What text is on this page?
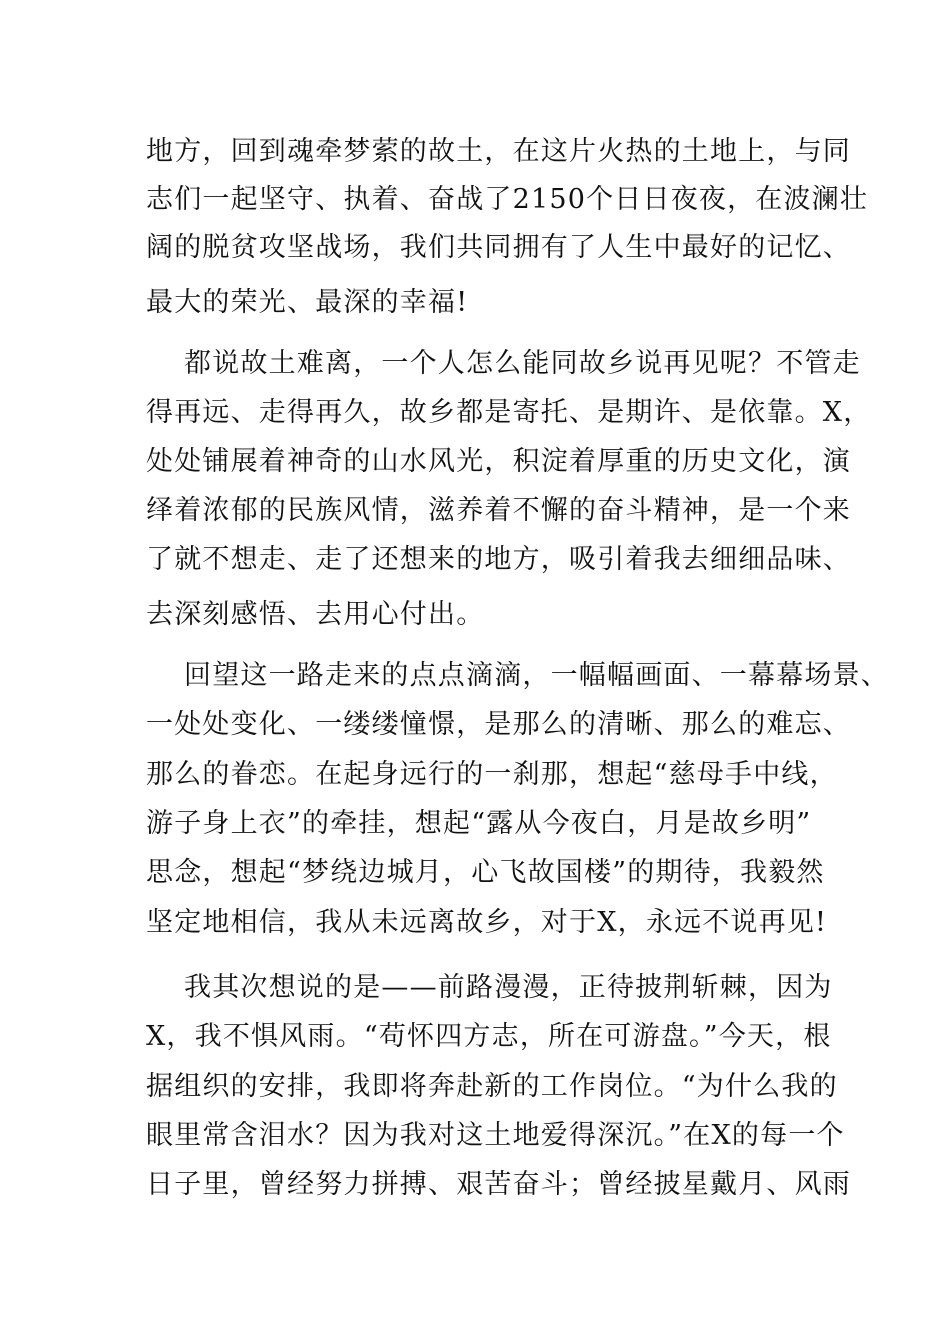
地方，回到魂牵梦萦的故土，在这片火热的土地上，与同
志们一起坚守、执着、奋战了2150个日日夜夜，在波澜壮
阔的脱贫攻坚战场，我们共同拥有了人生中最好的记忆、
最大的荣光、最深的幸福!
都说故土难离，一个人怎么能同故乡说再见呢？不管走
得再远、走得再久，故乡都是寄托、是期许、是依靠。X，
处处铺展着神奇的山水风光，积淀着厚重的历史文化，演
绎着浓郁的民族风情，滋养着不懈的奋斗精神，是一个来
了就不想走、走了还想来的地方，吸引着我去细细品味、
去深刻感悟、去用心付出。
回望这一路走来的点点滴滴，一幅幅画面、一幕幕场景、
一处处变化、一缕缕憧憬，是那么的清晰、那么的难忘、
那么的眷恋。在起身远行的一刹那，想起“慈母手中线，
游子身上衣”的牵挂，想起“露从今夜白，月是故乡明”
思念，想起“梦绕边城月，心飞故国楼”的期待，我毅然
坚定地相信，我从未远离故乡，对于X，永远不说再见!
我其次想说的是——前路漫漫，正待披荆斩棘，因为
X，我不惧风雨。“苟怀四方志，所在可游盘。”今天，根
据组织的安排，我即将奔赴新的工作岗位。“为什么我的
眼里常含泪水？因为我对这土地爱得深沉。”在X的每一个
日子里，曾经努力拼搏、艰苦奋斗；曾经披星戴月、风雨
